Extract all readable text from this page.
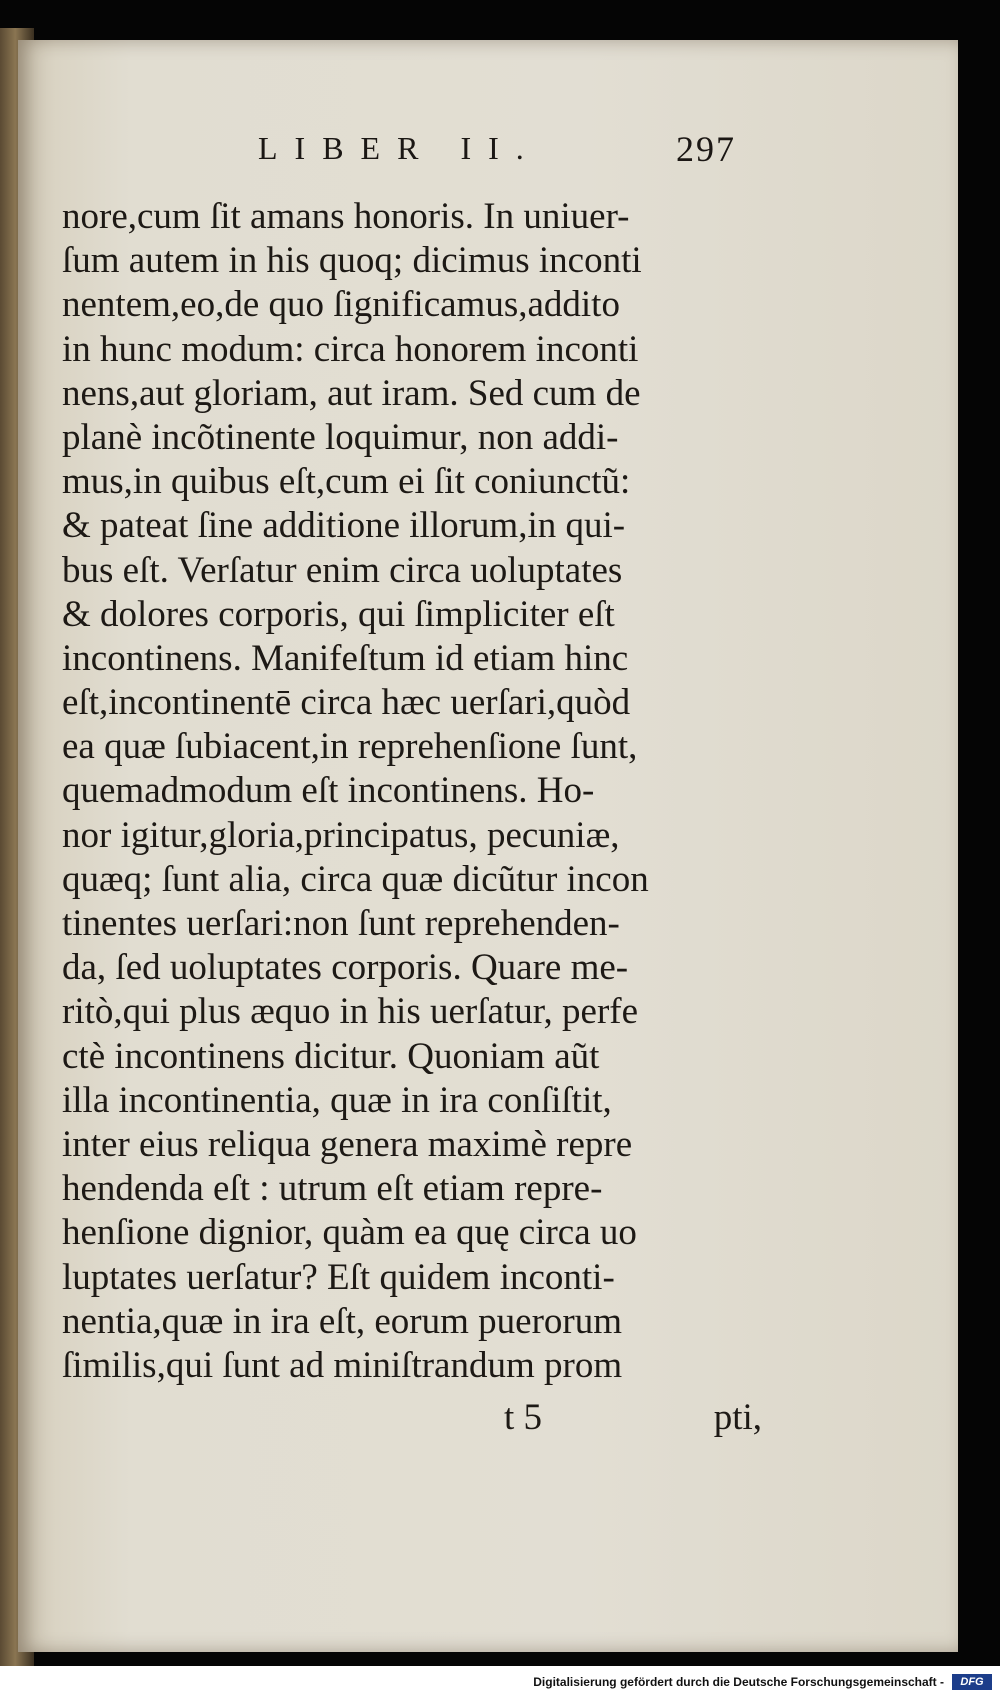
LIBER II.	297
nore,cum ſit amans honoris. In uniuer-
ſum autem in his quoq; dicimus inconti
nentem,eo,de quo ſignificamus,addito
in hunc modum: circa honorem inconti
nens,aut gloriam, aut iram. Sed cum de
planè incõtinente loquimur, non addi-
mus,in quibus eſt,cum ei ſit coniunctũ:
& pateat ſine additione illorum,in qui-
bus eſt. Verſatur enim circa uoluptates
& dolores corporis, qui ſimpliciter eſt
incontinens. Manifeſtum id etiam hinc
eſt,incontinentē circa hæc uerſari,quòd
ea quæ ſubiacent,in reprehenſione ſunt,
quemadmodum eſt incontinens. Ho-
nor igitur,gloria,principatus, pecuniæ,
quæq; ſunt alia, circa quæ dicũtur incon
tinentes uerſari:non ſunt reprehenden-
da, ſed uoluptates corporis. Quare me-
ritò,qui plus æquo in his uerſatur, perfe
ctè incontinens dicitur. Quoniam aũt
illa incontinentia, quæ in ira conſiſtit,
inter eius reliqua genera maximè repre
hendenda eſt : utrum eſt etiam repre-
henſione dignior, quàm ea quę circa uo
luptates uerſatur? Eſt quidem inconti-
nentia,quæ in ira eſt, eorum puerorum
ſimilis,qui ſunt ad miniſtrandum prom
t 5	pti,
Digitalisierung gefördert durch die Deutsche Forschungsgemeinschaft -	DFG
